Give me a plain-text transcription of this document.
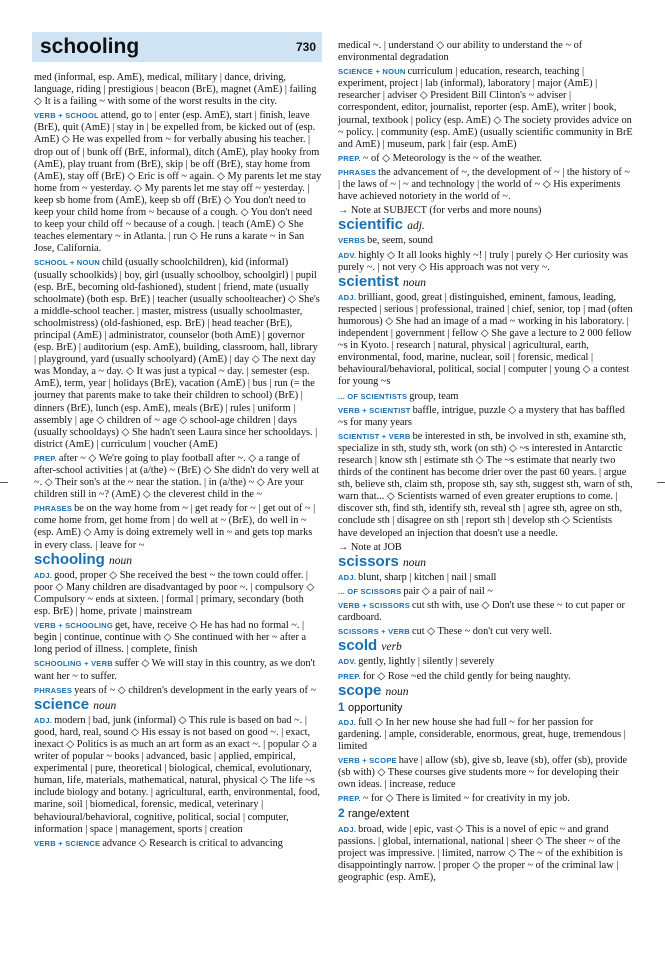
schooling	730

med (informal, esp. AmE), medical, military | dance, driving, language, riding | prestigious | beacon (BrE), magnet (AmE) | failing ◇ It is a failing ~ with some of the worst results in the city.

VERB + SCHOOL attend, go to | enter (esp. AmE), start | finish, leave (BrE), quit (AmE) | stay in | be expelled from, be kicked out of (esp. AmE) ◇ He was expelled from ~ for verbally abusing his teacher. | drop out of | bunk off (BrE, informal), ditch (AmE), play hooky from (AmE), play truant from (BrE), skip | be off (BrE), stay home from (AmE), stay off (BrE) ◇ Eric is off ~ again. ◇ My parents let me stay home from ~ yesterday. ◇ My parents let me stay off ~ yesterday. | keep sb home from (AmE), keep sb off (BrE) ◇ You don't need to keep your child home from ~ because of a cough. ◇ You don't need to keep your child off ~ because of a cough. | teach (AmE) ◇ She teaches elementary ~ in Atlanta. | run ◇ He runs a karate ~ in San Jose, California.

SCHOOL + NOUN child (usually schoolchildren), kid (informal) (usually schoolkids) | boy, girl (usually schoolboy, schoolgirl) | pupil (esp. BrE, becoming old-fashioned), student | friend, mate (usually schoolmate) (both esp. BrE) | teacher (usually schoolteacher) ◇ She's a middle-school teacher. | master, mistress (usually schoolmaster, schoolmistress) (old-fashioned, esp. BrE) | head teacher (BrE), principal (AmE) | administrator, counselor (both AmE) | governor (esp. BrE) | auditorium (esp. AmE), building, classroom, hall, library | playground, yard (usually schoolyard) (AmE) | day ◇ The next day was Monday, a ~ day. ◇ It was just a typical ~ day. | semester (esp. AmE), term, year | holidays (BrE), vacation (AmE) | bus | run (= the journey that parents make to take their children to school) (BrE) | dinners (BrE), lunch (esp. AmE), meals (BrE) | rules | uniform | assembly | age ◇ children of ~ age ◇ school-age children | days (usually schooldays) ◇ She hadn't seen Laura since her schooldays. | district (AmE) | curriculum | voucher (AmE)

PREP. after ~ ◇ We're going to play football after ~. ◇ a range of after-school activities | at (a/the) ~ (BrE) ◇ She didn't do very well at ~. ◇ Their son's at the ~ near the station. | in (a/the) ~ ◇ Are your children still in ~? (AmE) ◇ the cleverest child in the ~

PHRASES be on the way home from ~ | get ready for ~ | get out of ~ | come home from, get home from | do well at ~ (BrE), do well in ~ (esp. AmE) ◇ Amy is doing extremely well in ~ and gets top marks in every class. | leave for ~

schooling noun

ADJ. good, proper ◇ She received the best ~ the town could offer. | poor ◇ Many children are disadvantaged by poor ~. | compulsory ◇ Compulsory ~ ends at sixteen. | formal | primary, secondary (both esp. BrE) | home, private | mainstream

VERB + SCHOOLING get, have, receive ◇ He has had no formal ~. | begin | continue, continue with ◇ She continued with her ~ after a long period of illness. | complete, finish

SCHOOLING + VERB suffer ◇ We will stay in this country, as we don't want her ~ to suffer.

PHRASES years of ~ ◇ children's development in the early years of ~

science noun

ADJ. modern | bad, junk (informal) ◇ This rule is based on bad ~. | good, hard, real, sound ◇ His essay is not based on good ~. | exact, inexact ◇ Politics is as much an art form as an exact ~. | popular ◇ a writer of popular ~ books | advanced, basic | applied, empirical, experimental | pure, theoretical | biological, chemical, evolutionary, human, life, materials, mathematical, natural, physical ◇ The life ~s include biology and botany. | agricultural, earth, environmental, food, marine, soil | biomedical, forensic, medical, veterinary | behavioural/behavioral, cognitive, political, social | computer, information | space | management, sports | creation

VERB + SCIENCE advance ◇ Research is critical to advancing

medical ~. | understand ◇ our ability to understand the ~ of environmental degradation

SCIENCE + NOUN curriculum | education, research, teaching | experiment, project | lab (informal), laboratory | major (AmE) | researcher | adviser ◇ President Bill Clinton's ~ adviser | correspondent, editor, journalist, reporter (esp. AmE), writer | book, journal, textbook | policy (esp. AmE) ◇ The society provides advice on ~ policy. | community (esp. AmE) (usually scientific community in BrE and AmE) | museum, park | fair (esp. AmE)

PREP. ~ of ◇ Meteorology is the ~ of the weather.

PHRASES the advancement of ~, the development of ~ | the history of ~ | the laws of ~ | ~ and technology | the world of ~ ◇ His experiments have achieved notoriety in the world of ~.

→ Note at SUBJECT (for verbs and more nouns)

scientific adj.

VERBS be, seem, sound

ADV. highly ◇ It all looks highly ~! | truly | purely ◇ Her curiosity was purely ~. | not very ◇ His approach was not very ~.

scientist noun

ADJ. brilliant, good, great | distinguished, eminent, famous, leading, respected | serious | professional, trained | chief, senior, top | mad (often humorous) ◇ She had an image of a mad ~ working in his laboratory. | independent | government | fellow ◇ She gave a lecture to 2 000 fellow ~s in Kyoto. | research | natural, physical | agricultural, earth, environmental, food, marine, nuclear, soil | forensic, medical | behavioural/behavioral, political, social | computer | young ◇ a contest for young ~s

... OF SCIENTISTS group, team

VERB + SCIENTIST baffle, intrigue, puzzle ◇ a mystery that has baffled ~s for many years

SCIENTIST + VERB be interested in sth, be involved in sth, examine sth, specialize in sth, study sth, work (on sth) ◇ ~s interested in Antarctic research | know sth | estimate sth ◇ The ~s estimate that nearly two thirds of the continent has become drier over the past 60 years. | argue sth, believe sth, claim sth, propose sth, say sth, suggest sth, warn of sth, warn that... ◇ Scientists warned of even greater eruptions to come. | discover sth, find sth, identify sth, reveal sth | agree sth, agree on sth, conclude sth | disagree on sth | report sth | develop sth ◇ Scientists have developed an injection that doesn't use a needle.

→ Note at JOB

scissors noun

ADJ. blunt, sharp | kitchen | nail | small

... OF SCISSORS pair ◇ a pair of nail ~

VERB + SCISSORS cut sth with, use ◇ Don't use these ~ to cut paper or cardboard.

SCISSORS + VERB cut ◇ These ~ don't cut very well.

scold verb

ADV. gently, lightly | silently | severely

PREP. for ◇ Rose ~ed the child gently for being naughty.

scope noun

1 opportunity

ADJ. full ◇ In her new house she had full ~ for her passion for gardening. | ample, considerable, enormous, great, huge, tremendous | limited

VERB + SCOPE have | allow (sb), give sb, leave (sb), offer (sb), provide (sb with) ◇ These courses give students more ~ for developing their own ideas. | increase, reduce

PREP. ~ for ◇ There is limited ~ for creativity in my job.

2 range/extent

ADJ. broad, wide | epic, vast ◇ This is a novel of epic ~ and grand passions. | global, international, national | sheer ◇ The sheer ~ of the project was impressive. | limited, narrow ◇ The ~ of the exhibition is disappointingly narrow. | proper ◇ the proper ~ of the criminal law | geographic (esp. AmE),
